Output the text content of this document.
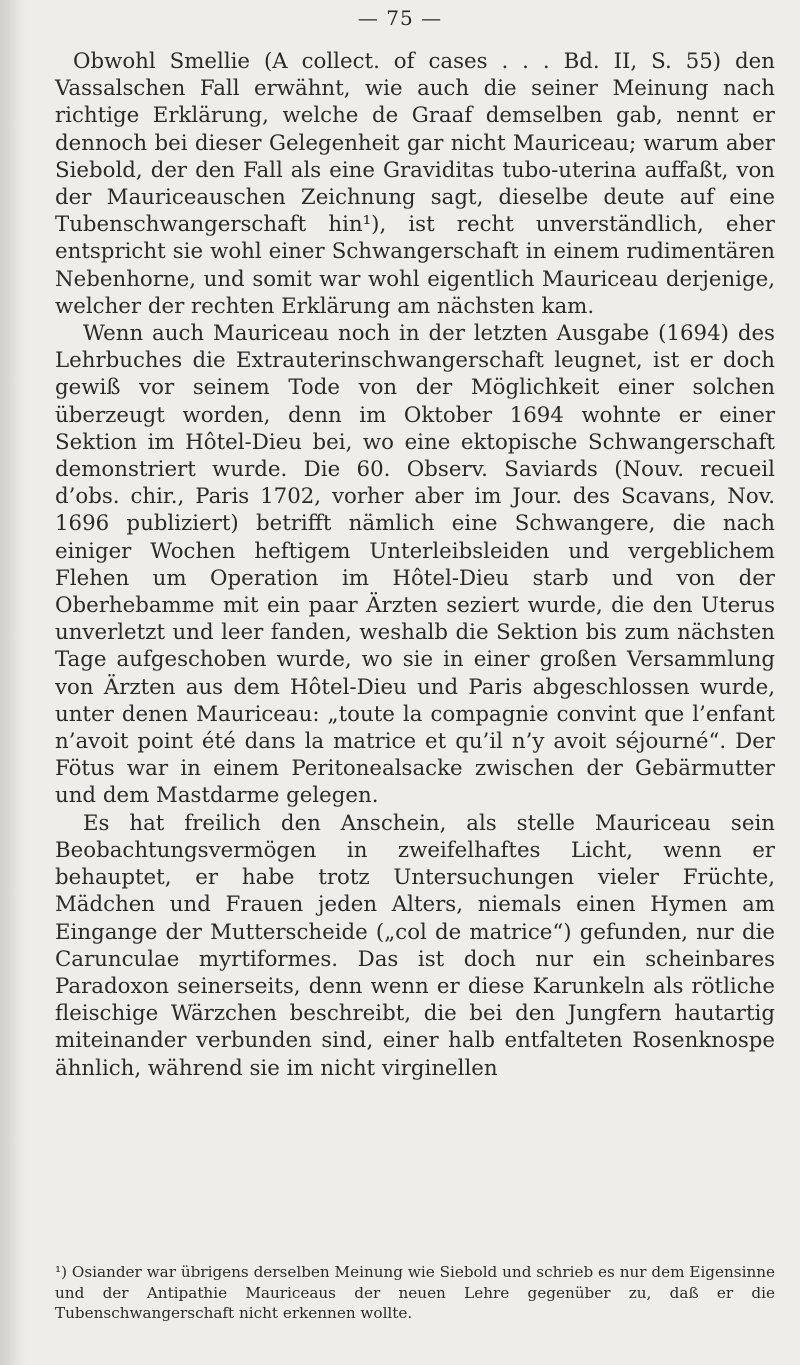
— 75 —

Obwohl Smellie (A collect. of cases . . . Bd. II, S. 55) den Vassalschen Fall erwähnt, wie auch die seiner Meinung nach richtige Erklärung, welche de Graaf demselben gab, nennt er dennoch bei dieser Gelegenheit gar nicht Mauriceau; warum aber Siebold, der den Fall als eine Graviditas tubo-uterina auffaßt, von der Mauriceauschen Zeichnung sagt, dieselbe deute auf eine Tubenschwangerschaft hin¹), ist recht unverständlich, eher entspricht sie wohl einer Schwangerschaft in einem rudimentären Nebenhorne, und somit war wohl eigentlich Mauriceau derjenige, welcher der rechten Erklärung am nächsten kam.

Wenn auch Mauriceau noch in der letzten Ausgabe (1694) des Lehrbuches die Extrauterinschwangerschaft leugnet, ist er doch gewiß vor seinem Tode von der Möglichkeit einer solchen überzeugt worden, denn im Oktober 1694 wohnte er einer Sektion im Hôtel-Dieu bei, wo eine ektopische Schwangerschaft demonstriert wurde. Die 60. Observ. Saviards (Nouv. recueil d’obs. chir., Paris 1702, vorher aber im Jour. des Scavans, Nov. 1696 publiziert) betrifft nämlich eine Schwangere, die nach einiger Wochen heftigem Unterleibsleiden und vergeblichem Flehen um Operation im Hôtel-Dieu starb und von der Oberhebamme mit ein paar Ärzten seziert wurde, die den Uterus unverletzt und leer fanden, weshalb die Sektion bis zum nächsten Tage aufgeschoben wurde, wo sie in einer großen Versammlung von Ärzten aus dem Hôtel-Dieu und Paris abgeschlossen wurde, unter denen Mauriceau: „toute la compagnie convint que l’enfant n’avoit point été dans la matrice et qu’il n’y avoit séjourné“. Der Fötus war in einem Peritonealsacke zwischen der Gebärmutter und dem Mastdarme gelegen.

Es hat freilich den Anschein, als stelle Mauriceau sein Beobachtungsvermögen in zweifelhaftes Licht, wenn er behauptet, er habe trotz Untersuchungen vieler Früchte, Mädchen und Frauen jeden Alters, niemals einen Hymen am Eingange der Mutterscheide („col de matrice“) gefunden, nur die Carunculae myrtiformes. Das ist doch nur ein scheinbares Paradoxon seinerseits, denn wenn er diese Karunkeln als rötliche fleischige Wärzchen beschreibt, die bei den Jungfern hautartig miteinander verbunden sind, einer halb entfalteten Rosenknospe ähnlich, während sie im nicht virginellen

¹) Osiander war übrigens derselben Meinung wie Siebold und schrieb es nur dem Eigensinne und der Antipathie Mauriceaus der neuen Lehre gegenüber zu, daß er die Tubenschwangerschaft nicht erkennen wollte.
